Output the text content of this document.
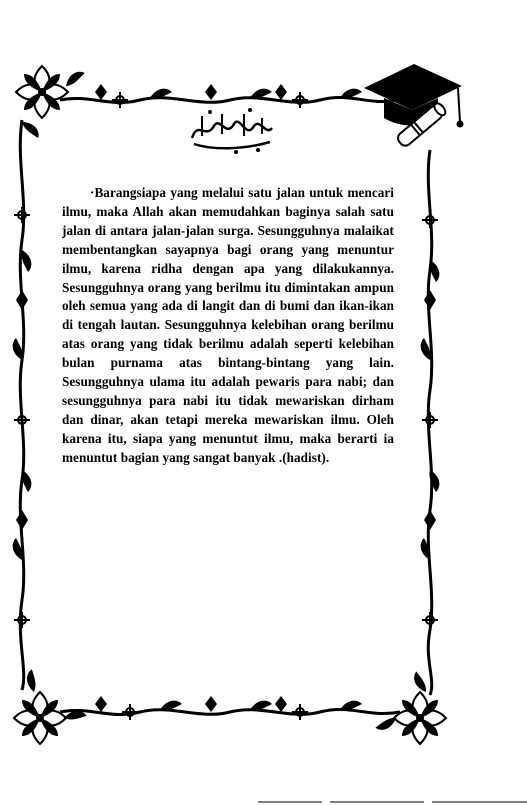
·Barangsiapa yang melalui satu jalan untuk mencari ilmu, maka Allah akan memudahkan baginya salah satu jalan di antara jalan-jalan surga. Sesungguhnya malaikat membentangkan sayapnya bagi orang yang menuntur ilmu, karena ridha dengan apa yang dilakukannya. Sesungguhnya orang yang berilmu itu dimintakan ampun oleh semua yang ada di langit dan di bumi dan ikan-ikan di tengah lautan. Sesungguhnya kelebihan orang berilmu atas orang yang tidak berilmu adalah seperti kelebihan bulan purnama atas bintang-bintang yang lain. Sesungguhnya ulama itu adalah pewaris para nabi; dan sesungguhnya para nabi itu tidak mewariskan dirham dan dinar, akan tetapi mereka mewariskan ilmu. Oleh karena itu, siapa yang menuntut ilmu, maka berarti ia menuntut bagian yang sangat banyak .(hadist).
